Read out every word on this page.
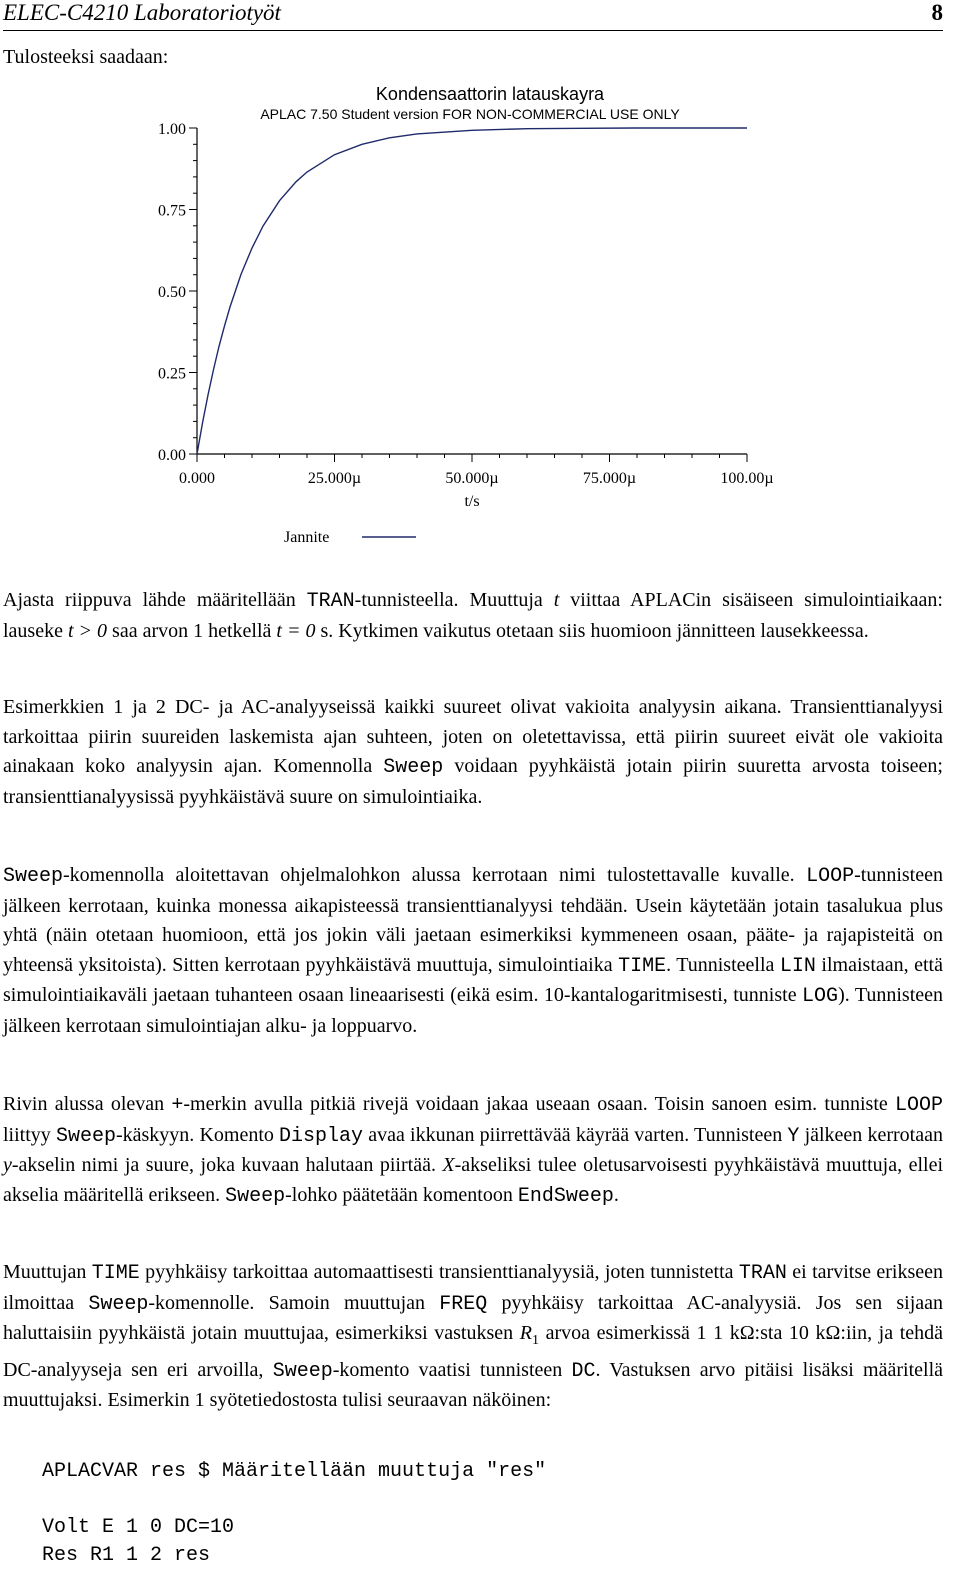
ELEC-C4210 Laboratoriotyöt	8
Tulosteeksi saadaan:
Kondensaattorin latauskayra
APLAC 7.50 Student version FOR NON-COMMERCIAL USE ONLY
0.00
0.25
0.50
0.75
1.00
0.000	25.000µ	50.000µ	75.000µ	100.00µ
t/s
Jannite

Ajasta riippuva lähde määritellään TRAN-tunnisteella. Muuttuja t viittaa APLACin sisäiseen simulointiaikaan: lauseke t > 0 saa arvon 1 hetkellä t = 0 s. Kytkimen vaikutus otetaan siis huomioon jännitteen lausekkeessa.

Esimerkkien 1 ja 2 DC- ja AC-analyyseissä kaikki suureet olivat vakioita analyysin aikana. Transienttianalyysi tarkoittaa piirin suureiden laskemista ajan suhteen, joten on oletettavissa, että piirin suureet eivät ole vakioita ainakaan koko analyysin ajan. Komennolla Sweep voidaan pyyhkäistä jotain piirin suuretta arvosta toiseen; transienttianalyysissä pyyhkäistävä suure on simulointiaika.

Sweep-komennolla aloitettavan ohjelmalohkon alussa kerrotaan nimi tulostettavalle kuvalle. LOOP-tunnisteen jälkeen kerrotaan, kuinka monessa aikapisteessä transienttianalyysi tehdään. Usein käytetään jotain tasalukua plus yhtä (näin otetaan huomioon, että jos jokin väli jaetaan esimerkiksi kymmeneen osaan, pääte- ja rajapisteitä on yhteensä yksitoista). Sitten kerrotaan pyyhkäistävä muuttuja, simulointiaika TIME. Tunnisteella LIN ilmaistaan, että simulointiaikaväli jaetaan tuhanteen osaan lineaarisesti (eikä esim. 10-kantalogaritmisesti, tunniste LOG). Tunnisteen jälkeen kerrotaan simulointiajan alku- ja loppuarvo.

Rivin alussa olevan +-merkin avulla pitkiä rivejä voidaan jakaa useaan osaan. Toisin sanoen esim. tunniste LOOP liittyy Sweep-käskyyn. Komento Display avaa ikkunan piirrettävää käyrää varten. Tunnisteen Y jälkeen kerrotaan y-akselin nimi ja suure, joka kuvaan halutaan piirtää. X-akseliksi tulee oletusarvoisesti pyyhkäistävä muuttuja, ellei akselia määritellä erikseen. Sweep-lohko päätetään komentoon EndSweep.

Muuttujan TIME pyyhkäisy tarkoittaa automaattisesti transienttianalyysiä, joten tunnistetta TRAN ei tarvitse erikseen ilmoittaa Sweep-komennolle. Samoin muuttujan FREQ pyyhkäisy tarkoittaa AC-analyysiä. Jos sen sijaan haluttaisiin pyyhkäistä jotain muuttujaa, esimerkiksi vastuksen $R_1$ arvoa esimerkissä 1 1 kΩ:sta 10 kΩ:iin, ja tehdä DC-analyyseja sen eri arvoilla, Sweep-komento vaatisi tunnisteen DC. Vastuksen arvo pitäisi lisäksi määritellä muuttujaksi. Esimerkin 1 syötetiedostosta tulisi seuraavan näköinen:

APLACVAR res $ Määritellään muuttuja "res"
Volt E 1 0 DC=10
Res R1 1 2 res
